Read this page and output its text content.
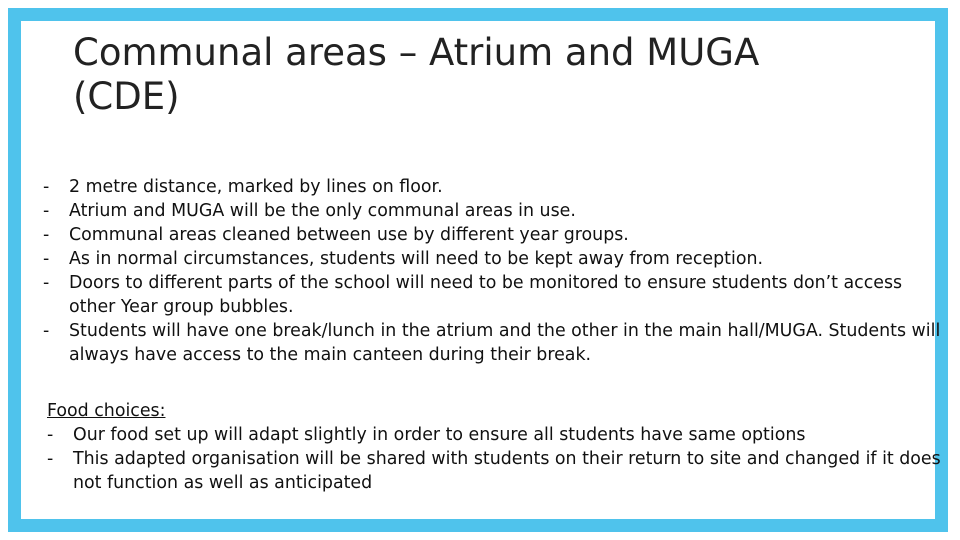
Communal areas – Atrium and MUGA
(CDE)
- 2 metre distance, marked by lines on floor.
- Atrium and MUGA will be the only communal areas in use.
- Communal areas cleaned between use by different year groups.
- As in normal circumstances, students will need to be kept away from reception.
- Doors to different parts of the school will need to be monitored to ensure students don’t access other Year group bubbles.
- Students will have one break/lunch in the atrium and the other in the main hall/MUGA. Students will always have access to the main canteen during their break.

Food choices:

- Our food set up will adapt slightly in order to ensure all students have same options
- This adapted organisation will be shared with students on their return to site and changed if it does not function as well as anticipated
